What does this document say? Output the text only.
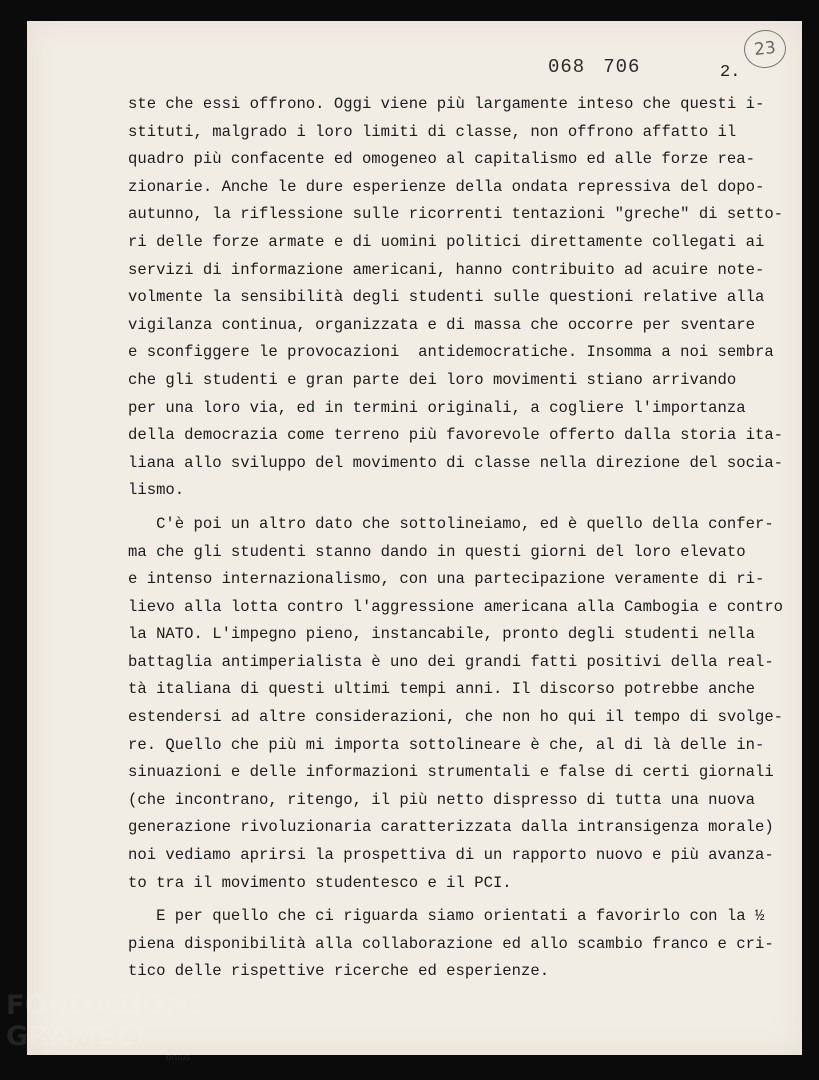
068 706	2.
23
ste che essi offrono. Oggi viene più largamente inteso che questi i-
stituti, malgrado i loro limiti di classe, non offrono affatto il
quadro più confacente ed omogeneo al capitalismo ed alle forze rea-
zionarie. Anche le dure esperienze della ondata repressiva del dopo-
autunno, la riflessione sulle ricorrenti tentazioni "greche" di setto-
ri delle forze armate e di uomini politici direttamente collegati ai
servizi di informazione americani, hanno contribuito ad acuire note-
volmente la sensibilità degli studenti sulle questioni relative alla
vigilanza continua, organizzata e di massa che occorre per sventare
e sconfiggere le provocazioni  antidemocratiche. Insomma a noi sembra
che gli studenti e gran parte dei loro movimenti stiano arrivando
per una loro via, ed in termini originali, a cogliere l'importanza
della democrazia come terreno più favorevole offerto dalla storia ita-
liana allo sviluppo del movimento di classe nella direzione del socia-
lismo.
C'è poi un altro dato che sottolineiamo, ed è quello della confer-
ma che gli studenti stanno dando in questi giorni del loro elevato
e intenso internazionalismo, con una partecipazione veramente di ri-
lievo alla lotta contro l'aggressione americana alla Cambogia e contro
la NATO. L'impegno pieno, instancabile, pronto degli studenti nella
battaglia antimperialista è uno dei grandi fatti positivi della real-
tà italiana di questi ultimi tempi anni. Il discorso potrebbe anche
estendersi ad altre considerazioni, che non ho qui il tempo di svolge-
re. Quello che più mi importa sottolineare è che, al di là delle in-
sinuazioni e delle informazioni strumentali e false di certi giornali
(che incontrano, ritengo, il più netto dispresso di tutta una nuova
generazione rivoluzionaria caratterizzata dalla intransigenza morale)
noi vediamo aprirsi la prospettiva di un rapporto nuovo e più avanza-
to tra il movimento studentesco e il PCI.
E per quello che ci riguarda siamo orientati a favorirlo con la ½
piena disponibilità alla collaborazione ed allo scambio franco e cri-
tico delle rispettive ricerche ed esperienze.
FONDAZIONE
GRAMSCI
onlus
